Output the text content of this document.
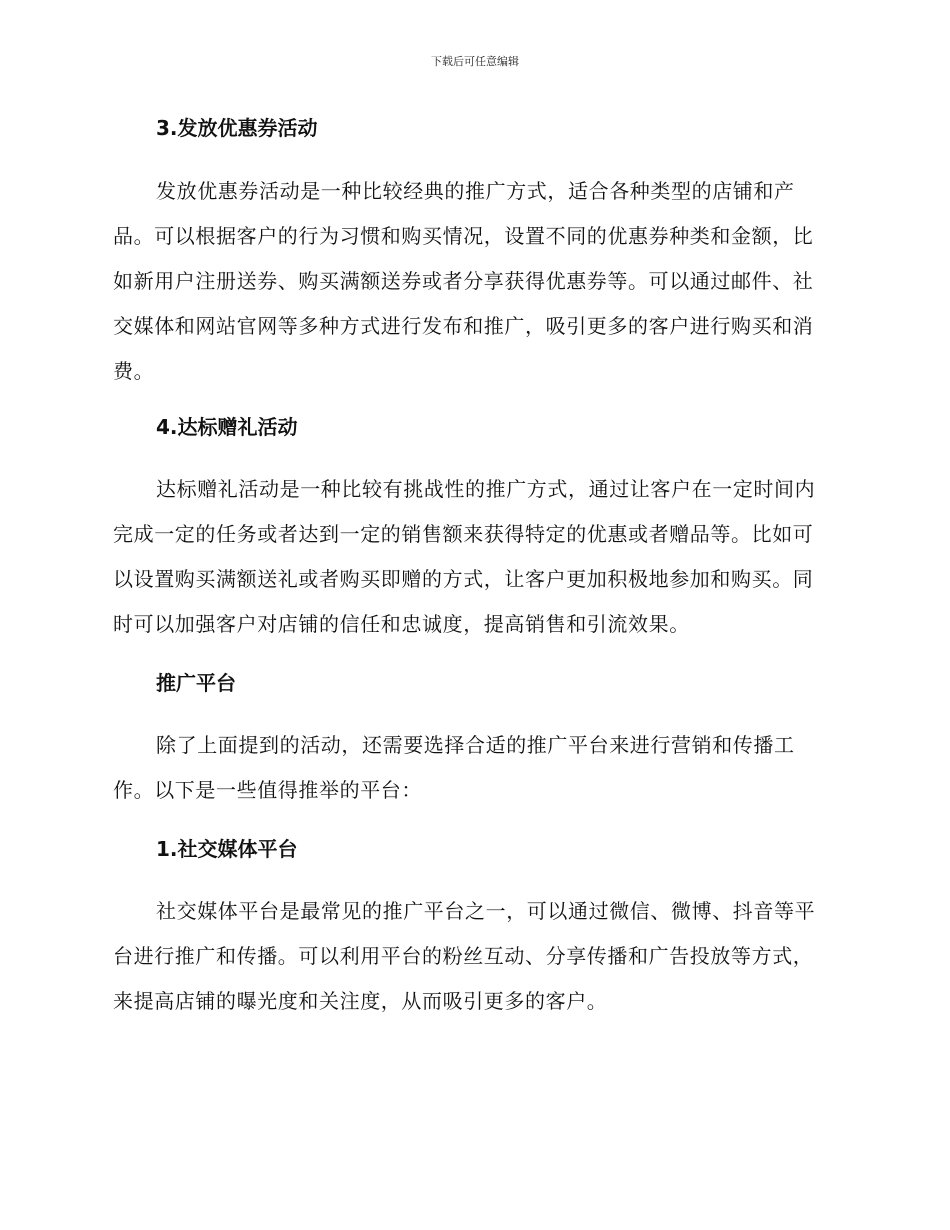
下载后可任意编辑
3.发放优惠券活动

发放优惠券活动是一种比较经典的推广方式，适合各种类型的店铺和产品。可以根据客户的行为习惯和购买情况，设置不同的优惠券种类和金额，比如新用户注册送券、购买满额送券或者分享获得优惠券等。可以通过邮件、社交媒体和网站官网等多种方式进行发布和推广，吸引更多的客户进行购买和消费。

4.达标赠礼活动

达标赠礼活动是一种比较有挑战性的推广方式，通过让客户在一定时间内完成一定的任务或者达到一定的销售额来获得特定的优惠或者赠品等。比如可以设置购买满额送礼或者购买即赠的方式，让客户更加积极地参加和购买。同时可以加强客户对店铺的信任和忠诚度，提高销售和引流效果。

推广平台

除了上面提到的活动，还需要选择合适的推广平台来进行营销和传播工作。以下是一些值得推举的平台：

1.社交媒体平台

社交媒体平台是最常见的推广平台之一，可以通过微信、微博、抖音等平台进行推广和传播。可以利用平台的粉丝互动、分享传播和广告投放等方式，来提高店铺的曝光度和关注度，从而吸引更多的客户。
